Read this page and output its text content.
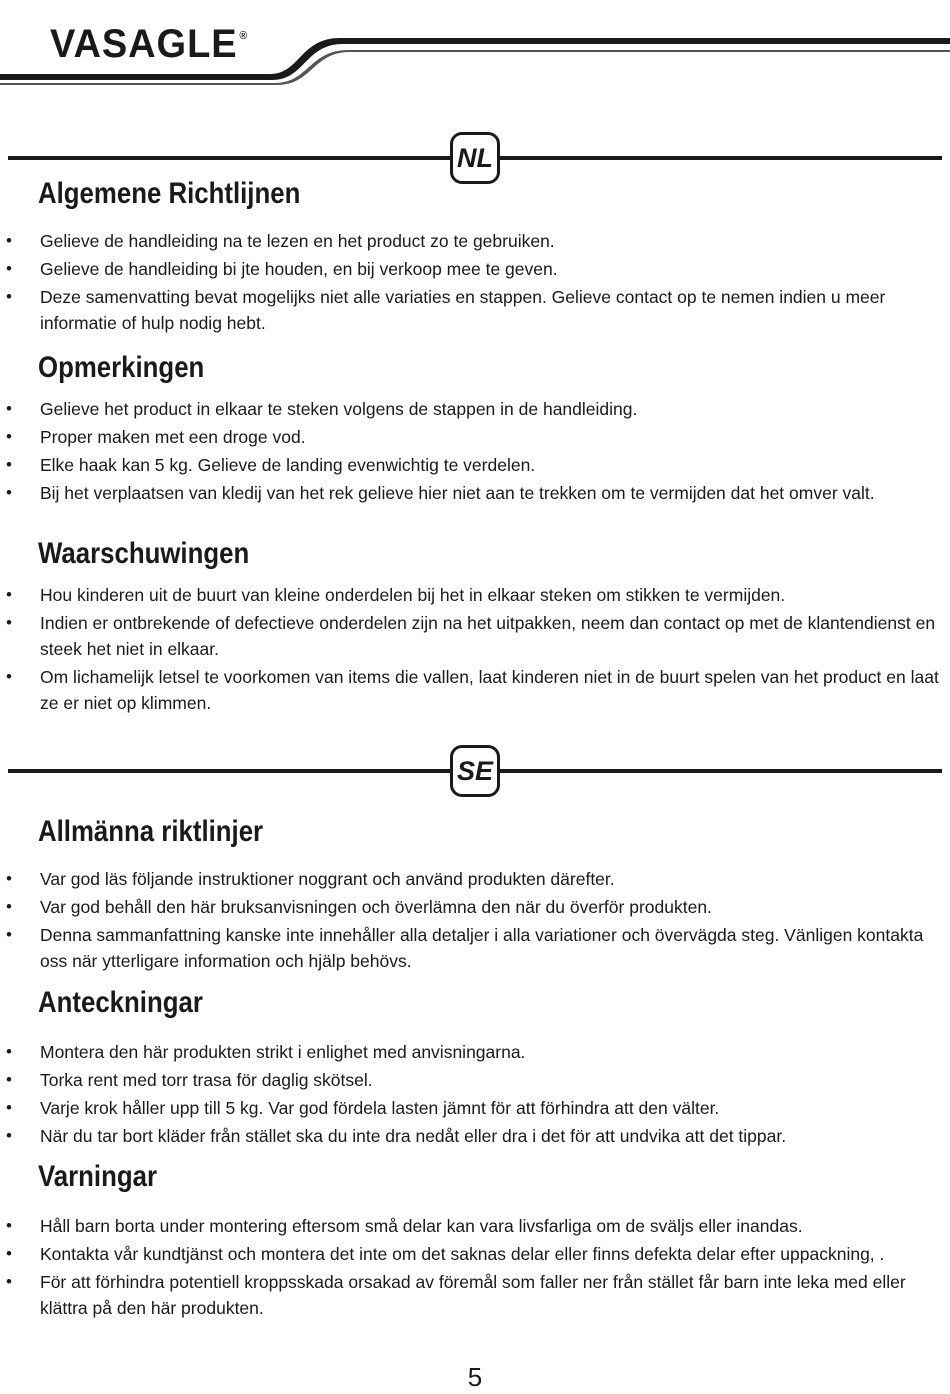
VASAGLE ®
NL
Algemene Richtlijnen
• Gelieve de handleiding na te lezen en het product zo te gebruiken.
• Gelieve de handleiding bi jte houden, en bij verkoop mee te geven.
• Deze samenvatting bevat mogelijks niet alle variaties en stappen. Gelieve contact op te nemen indien u meer informatie of hulp nodig hebt.
Opmerkingen
• Gelieve het product in elkaar te steken volgens de stappen in de handleiding.
• Proper maken met een droge vod.
• Elke haak kan 5 kg. Gelieve de landing evenwichtig te verdelen.
• Bij het verplaatsen van kledij van het rek gelieve hier niet aan te trekken om te vermijden dat het omver valt.
Waarschuwingen
• Hou kinderen uit de buurt van kleine onderdelen bij het in elkaar steken om stikken te vermijden.
• Indien er ontbrekende of defectieve onderdelen zijn na het uitpakken, neem dan contact op met de klantendienst en steek het niet in elkaar.
• Om lichamelijk letsel te voorkomen van items die vallen, laat kinderen niet in de buurt spelen van het product en laat ze er niet op klimmen.
SE
Allmänna riktlinjer
• Var god läs följande instruktioner noggrant och använd produkten därefter.
• Var god behåll den här bruksanvisningen och överlämna den när du överför produkten.
• Denna sammanfattning kanske inte innehåller alla detaljer i alla variationer och övervägda steg. Vänligen kontakta oss när ytterligare information och hjälp behövs.
Anteckningar
• Montera den här produkten strikt i enlighet med anvisningarna.
• Torka rent med torr trasa för daglig skötsel.
• Varje krok håller upp till 5 kg. Var god fördela lasten jämnt för att förhindra att den välter.
• När du tar bort kläder från stället ska du inte dra nedåt eller dra i det för att undvika att det tippar.
Varningar
• Håll barn borta under montering eftersom små delar kan vara livsfarliga om de sväljs eller inandas.
• Kontakta vår kundtjänst och montera det inte om det saknas delar eller finns defekta delar efter uppackning, .
• För att förhindra potentiell kroppsskada orsakad av föremål som faller ner från stället får barn inte leka med eller klättra på den här produkten.
5
